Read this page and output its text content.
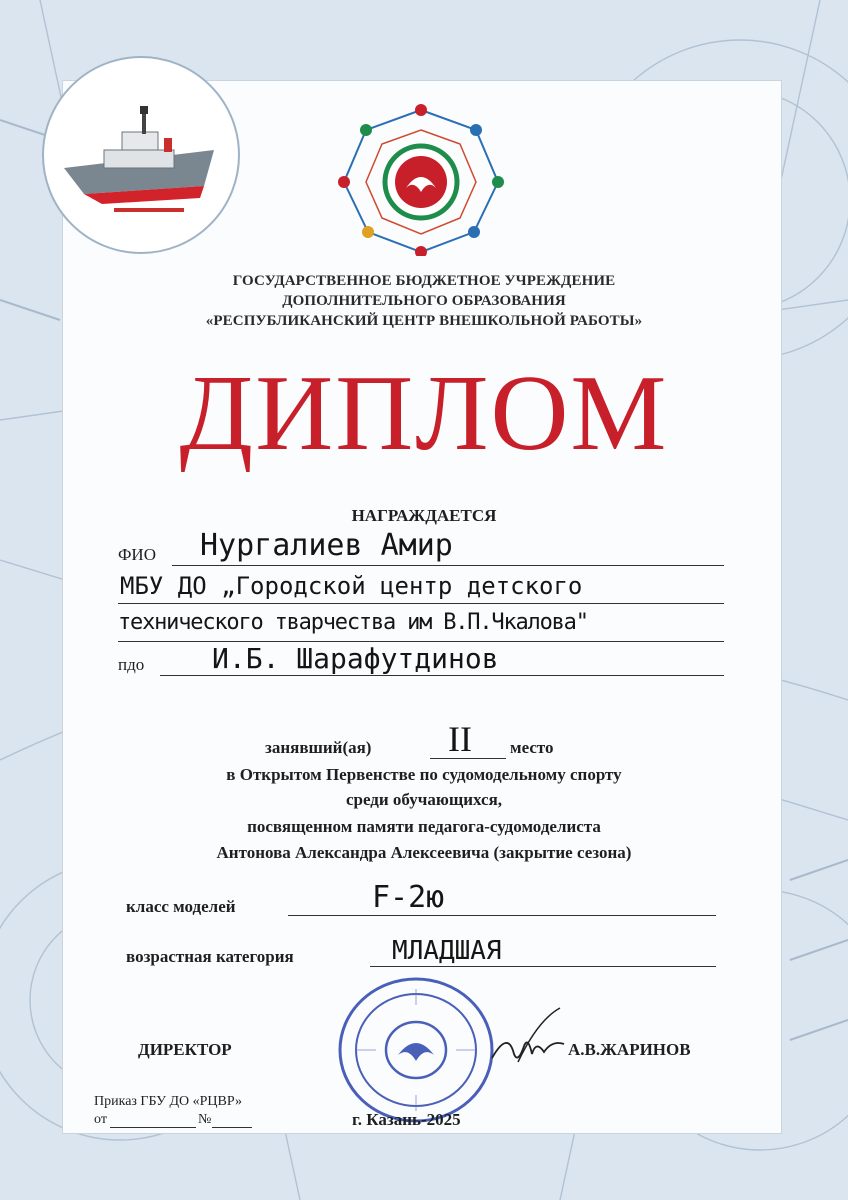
ГОСУДАРСТВЕННОЕ БЮДЖЕТНОЕ УЧРЕЖДЕНИЕ
ДОПОЛНИТЕЛЬНОГО ОБРАЗОВАНИЯ
«РЕСПУБЛИКАНСКИЙ ЦЕНТР ВНЕШКОЛЬНОЙ РАБОТЫ»
ДИПЛОМ
НАГРАЖДАЕТСЯ
ФИО Нургалиев Амир
МБУ ДО „Городской центр детского
технического тварчества им В.П.Чкалова"
пдо И.Б. Шарафутдинов
занявший(ая) II место
в Открытом Первенстве по судомодельному спорту
среди обучающихся,
посвященном памяти педагога-судомоделиста
Антонова Александра Алексеевича (закрытие сезона)
класс моделей	F-2ю
возрастная категория	МЛАДШАЯ
ДИРЕКТОР	А.В.ЖАРИНОВ
Приказ ГБУ ДО «РЦВР»
от	№	г. Казань-2025
